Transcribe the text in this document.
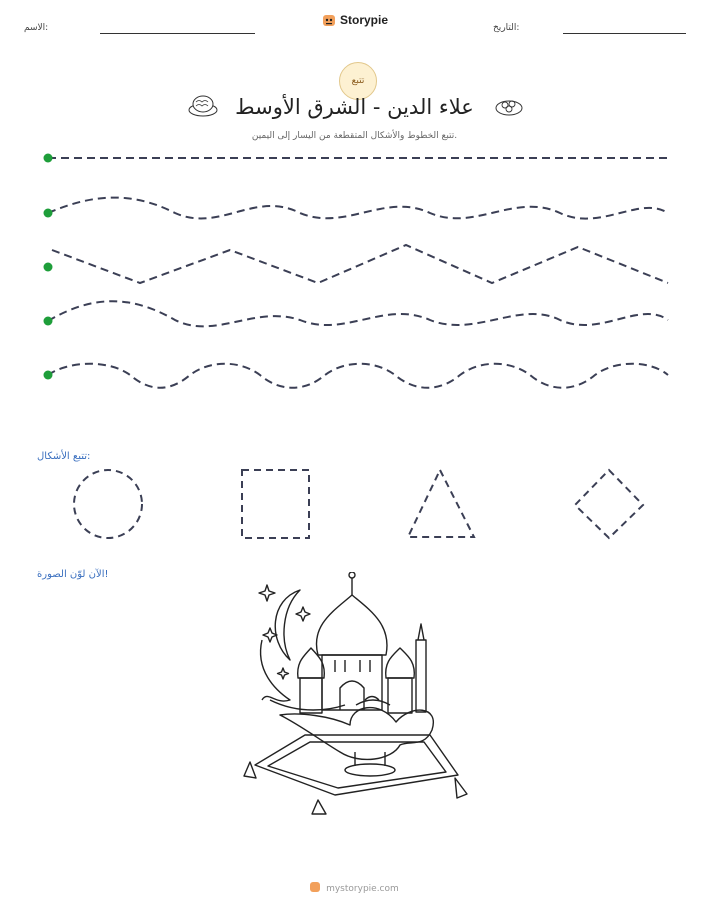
الاسم:
Storypie
التاريخ:
تتبع
علاء الدين - الشرق الأوسط
تتبع الخطوط والأشكال المتقطعة من اليسار إلى اليمين.
تتبع الأشكال:
الآن لوّن الصورة!
mystorypie.com
